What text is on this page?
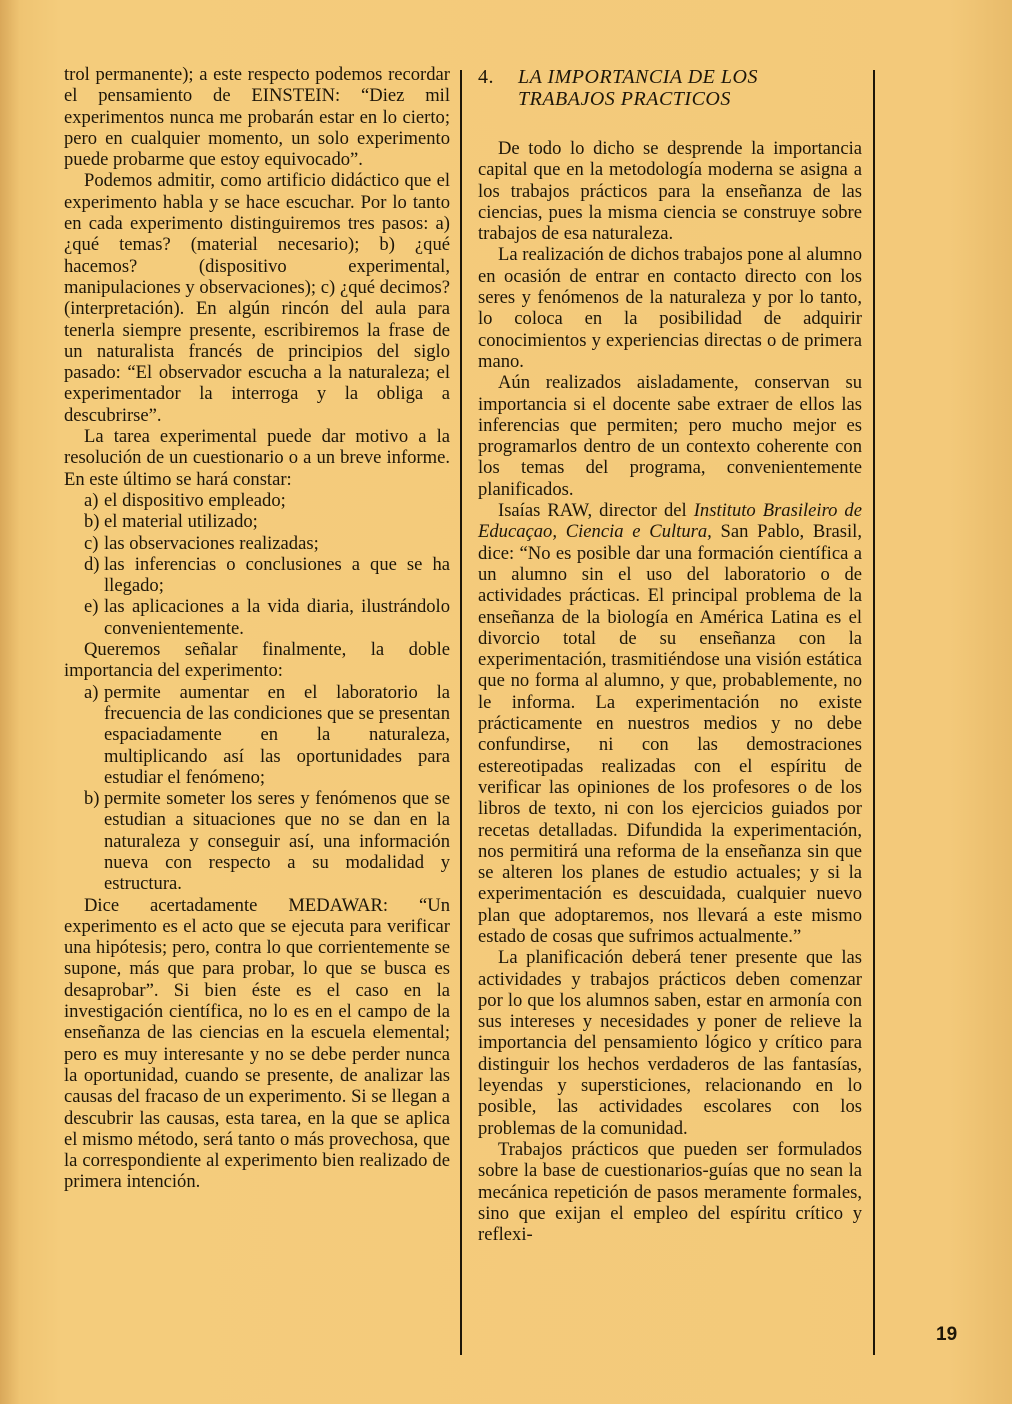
trol permanente); a este respecto podemos recordar el pensamiento de EINSTEIN: “Diez mil experimentos nunca me probarán estar en lo cierto; pero en cualquier momento, un solo experimento puede probarme que estoy equivocado”.

Podemos admitir, como artificio didáctico que el experimento habla y se hace escuchar. Por lo tanto en cada experimento distinguiremos tres pasos: a) ¿qué temas? (material necesario); b) ¿qué hacemos? (dispositivo experimental, manipulaciones y observaciones); c) ¿qué decimos? (interpretación). En algún rincón del aula para tenerla siempre presente, escribiremos la frase de un naturalista francés de principios del siglo pasado: “El observador escucha a la naturaleza; el experimentador la interroga y la obliga a descubrirse”.

La tarea experimental puede dar motivo a la resolución de un cuestionario o a un breve informe. En este último se hará constar:

a) el dispositivo empleado;
b) el material utilizado;
c) las observaciones realizadas;
d) las inferencias o conclusiones a que se ha llegado;
e) las aplicaciones a la vida diaria, ilustrándolo convenientemente.

Queremos señalar finalmente, la doble importancia del experimento:

a) permite aumentar en el laboratorio la frecuencia de las condiciones que se presentan espaciadamente en la naturaleza, multiplicando así las oportunidades para estudiar el fenómeno;
b) permite someter los seres y fenómenos que se estudian a situaciones que no se dan en la naturaleza y conseguir así, una información nueva con respecto a su modalidad y estructura.

Dice acertadamente MEDAWAR: “Un experimento es el acto que se ejecuta para verificar una hipótesis; pero, contra lo que corrientemente se supone, más que para probar, lo que se busca es desaprobar”. Si bien éste es el caso en la investigación científica, no lo es en el campo de la enseñanza de las ciencias en la escuela elemental; pero es muy interesante y no se debe perder nunca la oportunidad, cuando se presente, de analizar las causas del fracaso de un experimento. Si se llegan a descubrir las causas, esta tarea, en la que se aplica el mismo método, será tanto o más provechosa, que la correspondiente al experimento bien realizado de primera intención.

4. LA IMPORTANCIA DE LOS
TRABAJOS PRACTICOS

De todo lo dicho se desprende la importancia capital que en la metodología moderna se asigna a los trabajos prácticos para la enseñanza de las ciencias, pues la misma ciencia se construye sobre trabajos de esa naturaleza.

La realización de dichos trabajos pone al alumno en ocasión de entrar en contacto directo con los seres y fenómenos de la naturaleza y por lo tanto, lo coloca en la posibilidad de adquirir conocimientos y experiencias directas o de primera mano.

Aún realizados aisladamente, conservan su importancia si el docente sabe extraer de ellos las inferencias que permiten; pero mucho mejor es programarlos dentro de un contexto coherente con los temas del programa, convenientemente planificados.

Isaías RAW, director del Instituto Brasileiro de Educaçao, Ciencia e Cultura, San Pablo, Brasil, dice: “No es posible dar una formación científica a un alumno sin el uso del laboratorio o de actividades prácticas. El principal problema de la enseñanza de la biología en América Latina es el divorcio total de su enseñanza con la experimentación, trasmitiéndose una visión estática que no forma al alumno, y que, probablemente, no le informa. La experimentación no existe prácticamente en nuestros medios y no debe confundirse, ni con las demostraciones estereotipadas realizadas con el espíritu de verificar las opiniones de los profesores o de los libros de texto, ni con los ejercicios guiados por recetas detalladas. Difundida la experimentación, nos permitirá una reforma de la enseñanza sin que se alteren los planes de estudio actuales; y si la experimentación es descuidada, cualquier nuevo plan que adoptaremos, nos llevará a este mismo estado de cosas que sufrimos actualmente.”

La planificación deberá tener presente que las actividades y trabajos prácticos deben comenzar por lo que los alumnos saben, estar en armonía con sus intereses y necesidades y poner de relieve la importancia del pensamiento lógico y crítico para distinguir los hechos verdaderos de las fantasías, leyendas y supersticiones, relacionando en lo posible, las actividades escolares con los problemas de la comunidad.

Trabajos prácticos que pueden ser formulados sobre la base de cuestionarios-guías que no sean la mecánica repetición de pasos meramente formales, sino que exijan el empleo del espíritu crítico y reflexi-

19
